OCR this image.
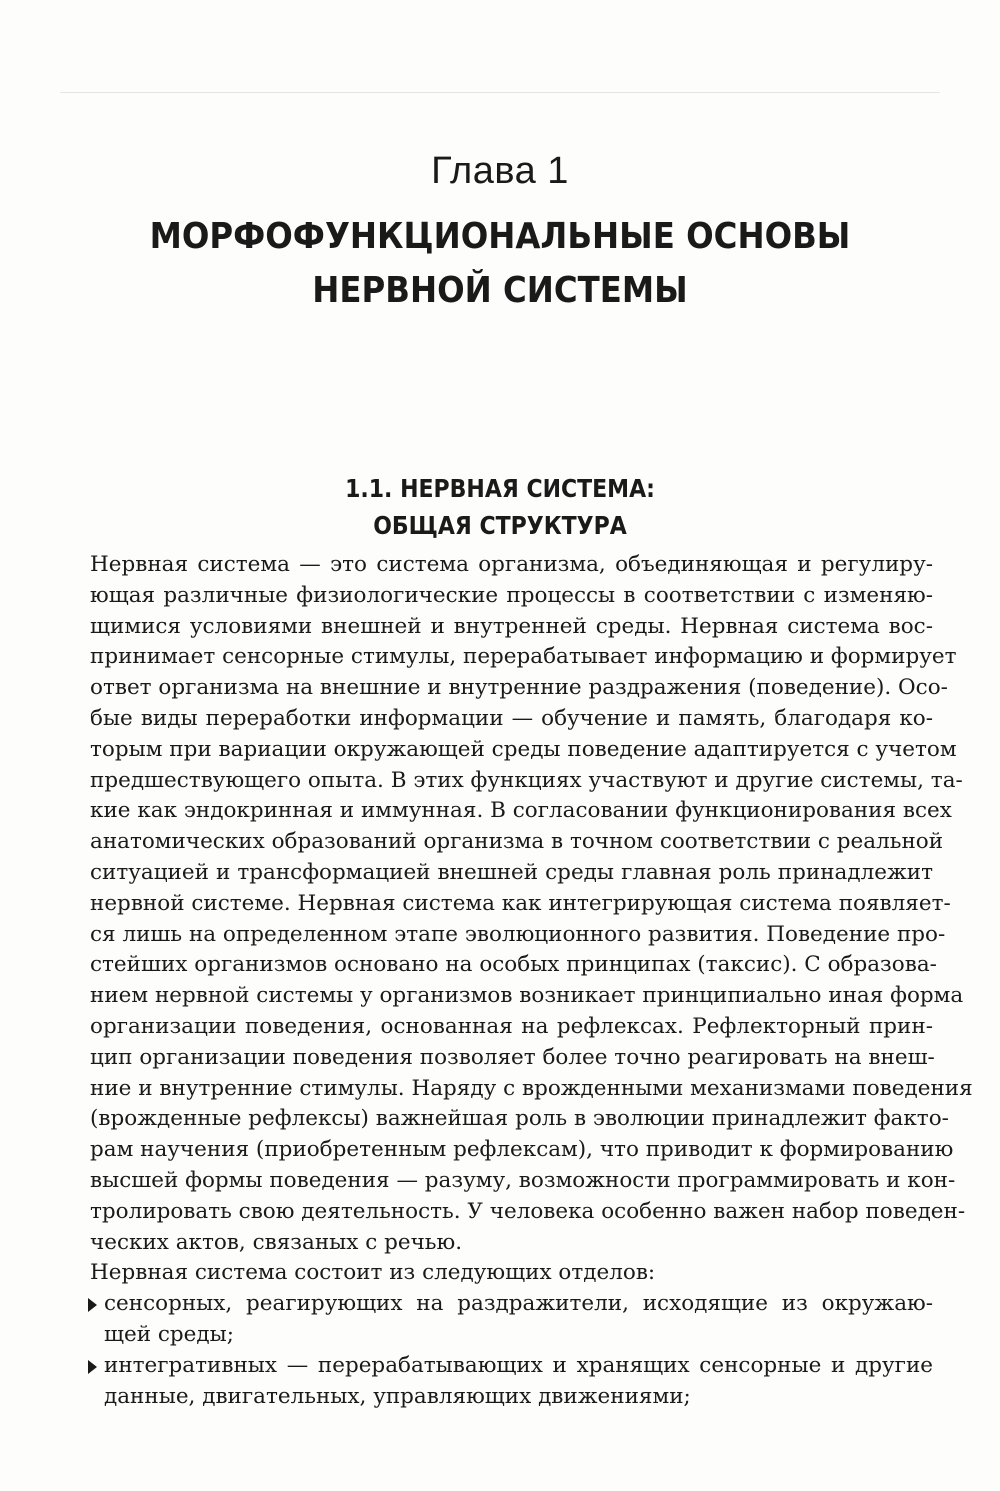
Глава 1
МОРФОФУНКЦИОНАЛЬНЫЕ ОСНОВЫ
НЕРВНОЙ СИСТЕМЫ
1.1. НЕРВНАЯ СИСТЕМА:
ОБЩАЯ СТРУКТУРА

Нервная система — это система организма, объединяющая и регулиру-
ющая различные физиологические процессы в соответствии с изменяю-
щимися условиями внешней и внутренней среды. Нервная система вос-
принимает сенсорные стимулы, перерабатывает информацию и формирует
ответ организма на внешние и внутренние раздражения (поведение). Осо-
бые виды переработки информации — обучение и память, благодаря ко-
торым при вариации окружающей среды поведение адаптируется с учетом
предшествующего опыта. В этих функциях участвуют и другие системы, та-
кие как эндокринная и иммунная. В согласовании функционирования всех
анатомических образований организма в точном соответствии с реальной
ситуацией и трансформацией внешней среды главная роль принадлежит
нервной системе. Нервная система как интегрирующая система появляет-
ся лишь на определенном этапе эволюционного развития. Поведение про-
стейших организмов основано на особых принципах (таксис). С образова-
нием нервной системы у организмов возникает принципиально иная форма
организации поведения, основанная на рефлексах. Рефлекторный прин-
цип организации поведения позволяет более точно реагировать на внеш-
ние и внутренние стимулы. Наряду с врожденными механизмами поведения
(врожденные рефлексы) важнейшая роль в эволюции принадлежит факто-
рам научения (приобретенным рефлексам), что приводит к формированию
высшей формы поведения — разуму, возможности программировать и кон-
тролировать свою деятельность. У человека особенно важен набор поведен-
ческих актов, связаных с речью.

Нервная система состоит из следующих отделов:
сенсорных, реагирующих на раздражители, исходящие из окружаю-
щей среды;
интегративных — перерабатывающих и хранящих сенсорные и другие
данные, двигательных, управляющих движениями;
